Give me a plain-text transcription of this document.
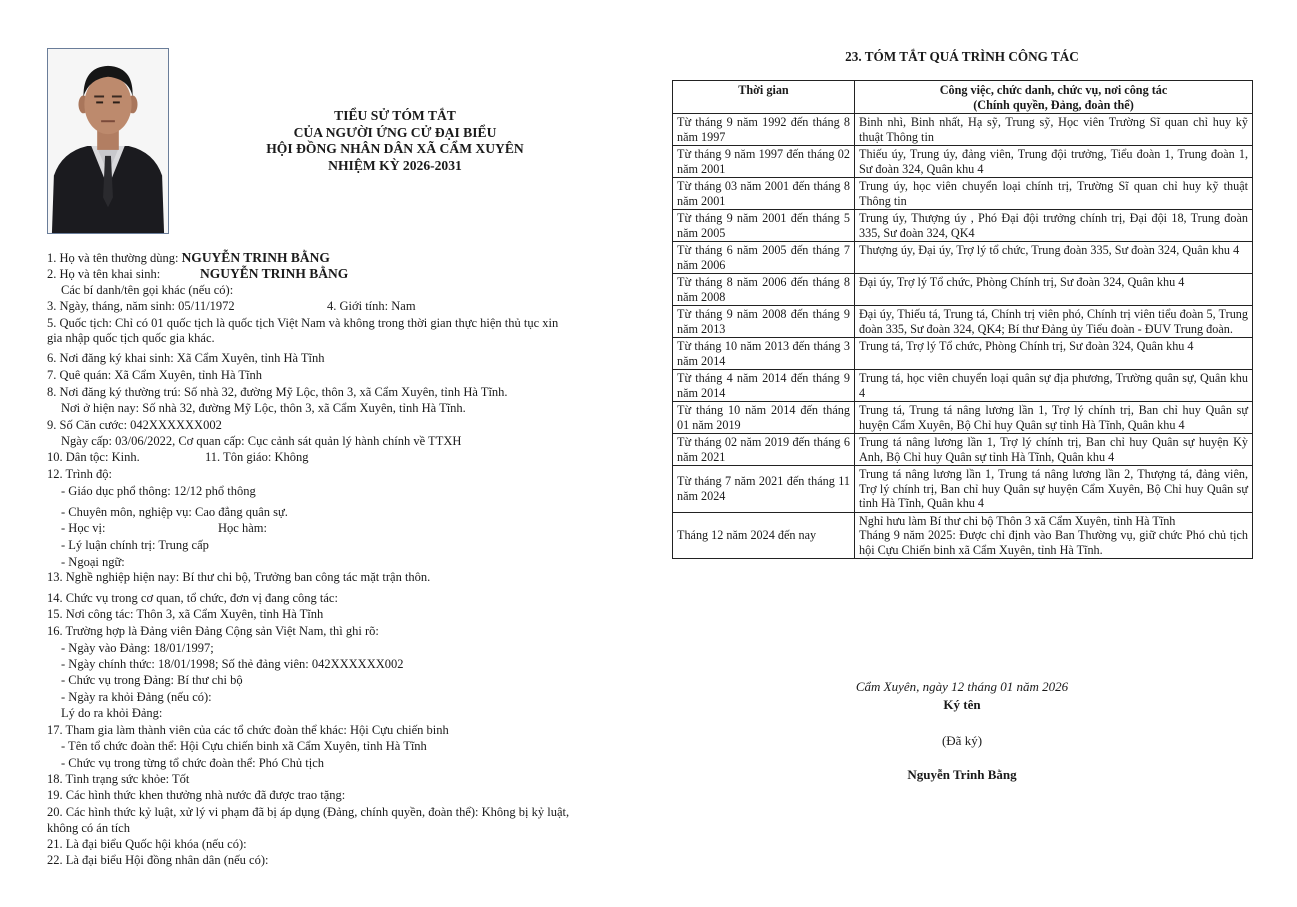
TIỂU SỬ TÓM TẮT
CỦA NGƯỜI ỨNG CỬ ĐẠI BIỂU
HỘI ĐỒNG NHÂN DÂN XÃ CẨM XUYÊN
NHIỆM KỲ 2026-2031
1. Họ và tên thường dùng: NGUYỄN TRINH BẰNG
2. Họ và tên khai sinh:	NGUYỄN TRINH BẰNG
Các bí danh/tên gọi khác (nếu có):
3. Ngày, tháng, năm sinh: 05/11/1972	4. Giới tính: Nam
5. Quốc tịch: Chỉ có 01 quốc tịch là quốc tịch Việt Nam và không trong thời gian thực hiện thủ tục xin
gia nhập quốc tịch quốc gia khác.
6. Nơi đăng ký khai sinh: Xã Cẩm Xuyên, tỉnh Hà Tĩnh
7. Quê quán: Xã Cẩm Xuyên, tỉnh Hà Tĩnh
8. Nơi đăng ký thường trú: Số nhà 32, đường Mỹ Lộc, thôn 3, xã Cẩm Xuyên, tỉnh Hà Tĩnh.
Nơi ở hiện nay: Số nhà 32, đường Mỹ Lộc, thôn 3, xã Cẩm Xuyên, tỉnh Hà Tĩnh.
9. Số Căn cước: 042XXXXXX002
Ngày cấp: 03/06/2022, Cơ quan cấp: Cục cảnh sát quản lý hành chính về TTXH
10. Dân tộc: Kinh.	11. Tôn giáo: Không
12. Trình độ:
- Giáo dục phổ thông: 12/12 phổ thông
- Chuyên môn, nghiệp vụ: Cao đẳng quân sự.
- Học vị:	Học hàm:
- Lý luận chính trị: Trung cấp
- Ngoại ngữ:
13. Nghề nghiệp hiện nay: Bí thư chi bộ, Trưởng ban công tác mặt trận thôn.
14. Chức vụ trong cơ quan, tổ chức, đơn vị đang công tác:
15. Nơi công tác: Thôn 3, xã Cẩm Xuyên, tỉnh Hà Tĩnh
16. Trường hợp là Đảng viên Đảng Cộng sản Việt Nam, thì ghi rõ:
- Ngày vào Đảng: 18/01/1997;
- Ngày chính thức: 18/01/1998; Số thẻ đảng viên: 042XXXXXX002
- Chức vụ trong Đảng: Bí thư chi bộ
- Ngày ra khỏi Đảng (nếu có):
Lý do ra khỏi Đảng:
17. Tham gia làm thành viên của các tổ chức đoàn thể khác: Hội Cựu chiến binh
- Tên tổ chức đoàn thể: Hội Cựu chiến binh xã Cẩm Xuyên, tỉnh Hà Tĩnh
- Chức vụ trong từng tổ chức đoàn thể: Phó Chủ tịch
18. Tình trạng sức khỏe: Tốt
19. Các hình thức khen thưởng nhà nước đã được trao tặng:
20. Các hình thức kỷ luật, xử lý vi phạm đã bị áp dụng (Đảng, chính quyền, đoàn thể): Không bị kỷ luật,
không có án tích
21. Là đại biểu Quốc hội khóa (nếu có):
22. Là đại biểu Hội đồng nhân dân (nếu có):
23. TÓM TẮT QUÁ TRÌNH CÔNG TÁC
Thời gian	Công việc, chức danh, chức vụ, nơi công tác
(Chính quyền, Đảng, đoàn thể)

Từ tháng 9 năm 1992 đến tháng 8 năm 1997	Binh nhì, Binh nhất, Hạ sỹ, Trung sỹ, Học viên Trường Sĩ quan chỉ huy kỹ thuật Thông tin
Từ tháng 9 năm 1997 đến tháng 02 năm 2001	Thiếu úy, Trung úy, đảng viên, Trung đội trưởng, Tiểu đoàn 1, Trung đoàn 1, Sư đoàn 324, Quân khu 4
Từ tháng 03 năm 2001 đến tháng 8 năm 2001	Trung úy, học viên chuyển loại chính trị, Trường Sĩ quan chỉ huy kỹ thuật Thông tin
Từ tháng 9 năm 2001 đến tháng 5 năm 2005	Trung úy, Thượng úy , Phó Đại đội trưởng chính trị, Đại đội 18, Trung đoàn 335, Sư đoàn 324, QK4
Từ tháng 6 năm 2005 đến tháng 7 năm 2006	Thượng úy, Đại úy, Trợ lý tổ chức, Trung đoàn 335, Sư đoàn 324, Quân khu 4
Từ tháng 8 năm 2006 đến tháng 8 năm 2008	Đại úy, Trợ lý Tổ chức, Phòng Chính trị, Sư đoàn 324, Quân khu 4
Từ tháng 9 năm 2008 đến tháng 9 năm 2013	Đại úy, Thiếu tá, Trung tá, Chính trị viên phó, Chính trị viên tiểu đoàn 5, Trung đoàn 335, Sư đoàn 324, QK4; Bí thư Đảng ủy Tiểu đoàn - ĐUV Trung đoàn.
Từ tháng 10 năm 2013 đến tháng 3 năm 2014	Trung tá, Trợ lý Tổ chức, Phòng Chính trị, Sư đoàn 324, Quân khu 4
Từ tháng 4 năm 2014 đến tháng 9 năm 2014	Trung tá, học viên chuyển loại quân sự địa phương, Trường quân sự, Quân khu 4
Từ tháng 10 năm 2014 đến tháng 01 năm 2019	Trung tá, Trung tá nâng lương lần 1, Trợ lý chính trị, Ban chỉ huy Quân sự huyện Cẩm Xuyên, Bộ Chỉ huy Quân sự tỉnh Hà Tĩnh, Quân khu 4
Từ tháng 02 năm 2019 đến tháng 6 năm 2021	Trung tá nâng lương lần 1, Trợ lý chính trị, Ban chỉ huy Quân sự huyện Kỳ Anh, Bộ Chỉ huy Quân sự tỉnh Hà Tĩnh, Quân khu 4
Từ tháng 7 năm 2021 đến tháng 11 năm 2024	Trung tá nâng lương lần 1, Trung tá nâng lương lần 2, Thượng tá, đảng viên, Trợ lý chính trị, Ban chỉ huy Quân sự huyện Cẩm Xuyên, Bộ Chỉ huy Quân sự tỉnh Hà Tĩnh, Quân khu 4
Tháng 12 năm 2024 đến nay	Nghỉ hưu làm Bí thư chi bộ Thôn 3 xã Cẩm Xuyên, tỉnh Hà Tĩnh
Tháng 9 năm 2025: Được chỉ định vào Ban Thường vụ, giữ chức Phó chủ tịch hội Cựu Chiến binh xã Cẩm Xuyên, tỉnh Hà Tĩnh.
Cẩm Xuyên, ngày 12 tháng 01 năm 2026
Ký tên
(Đã ký)
Nguyễn Trinh Bằng
